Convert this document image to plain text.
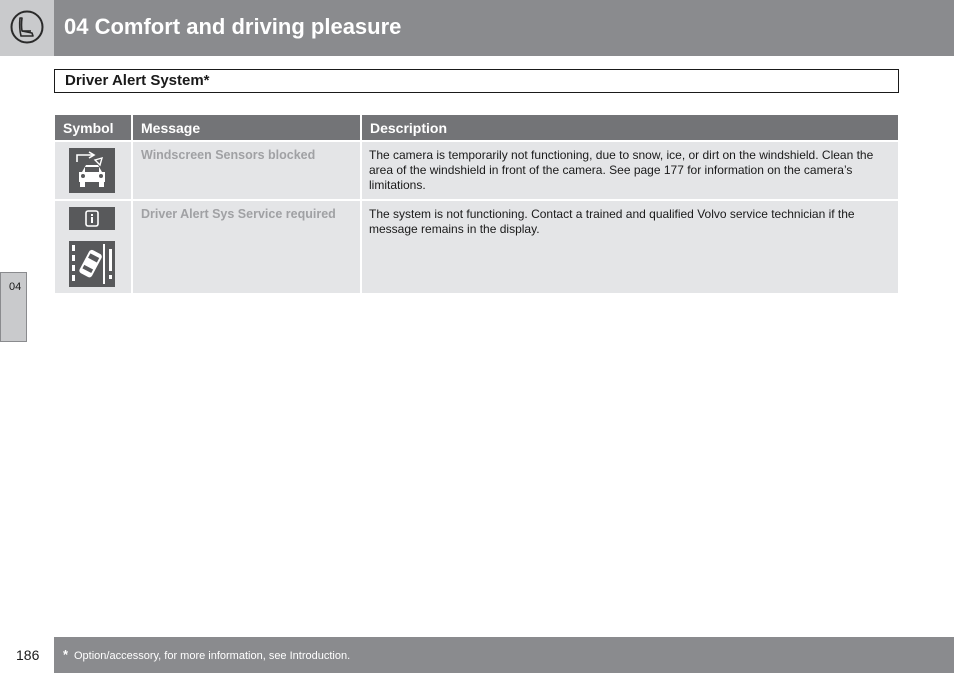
04 Comfort and driving pleasure
Driver Alert System*
Symbol	Message	Description

	Windscreen Sensors blocked	The camera is temporarily not functioning, due to snow, ice, or dirt on the windshield. Clean the area of the windshield in front of the camera. See page 177 for information on the camera’s limitations.

	Driver Alert Sys Service required	The system is not functioning. Contact a trained and qualified Volvo service technician if the message remains in the display.
04
186 * Option/accessory, for more information, see Introduction.
